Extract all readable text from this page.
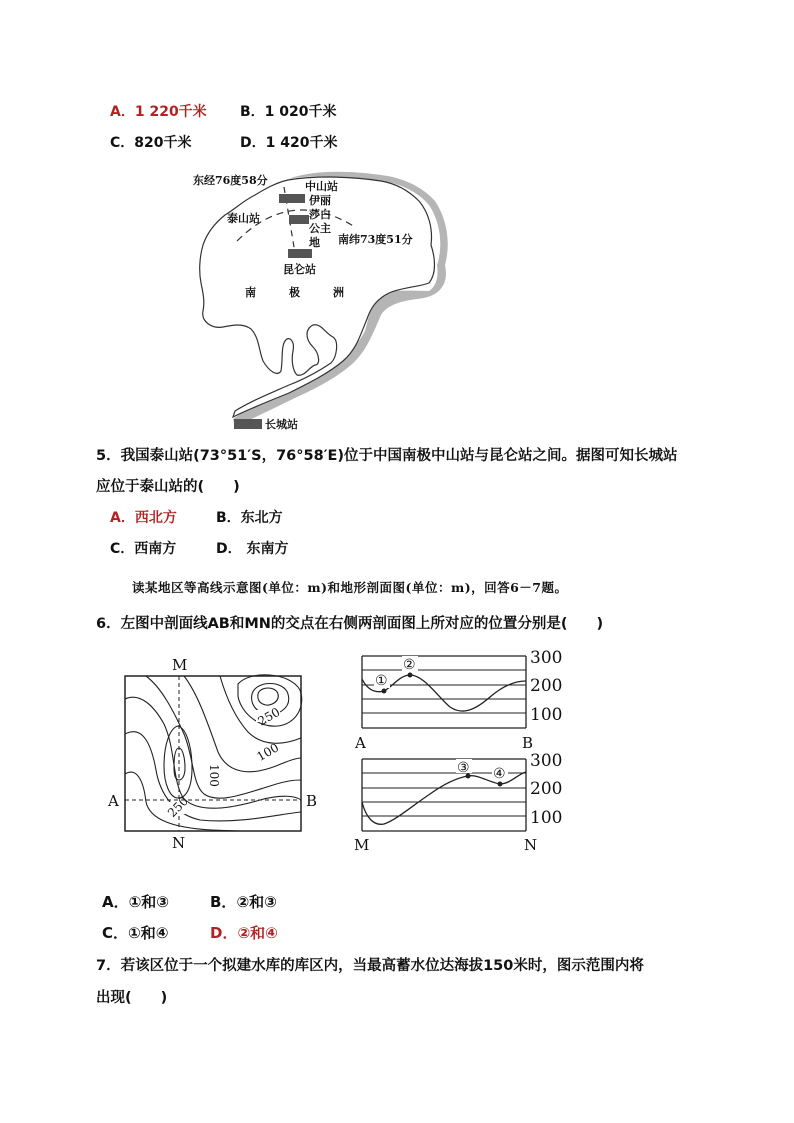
A．1 220千米 B．1 020千米
C．820千米	D．1 420千米
东经76度58分	中山站
伊丽
莎白
公主
地
泰山站
南纬73度51分
昆仑站
南	极	洲
长城站
5．我国泰山站(73°51′S，76°58′E)位于中国南极中山站与昆仑站之间。据图可知长城站
应位于泰山站的(　　)
A．西北方	B．东北方
C．西南方	D． 东南方
读某地区等高线示意图(单位：m)和地形剖面图(单位：m)，回答6－7题。
6．左图中剖面线AB和MN的交点在右侧两剖面图上所对应的位置分别是(　　)
250
100
100
250
M
N
A	B
①
②	300
200
100
A	B
③ ④
300
200
100
M	N
A．①和③	B．②和③
C．①和④	D．②和④
7．若该区位于一个拟建水库的库区内，当最高蓄水位达海拔150米时，图示范围内将
出现(　　)
